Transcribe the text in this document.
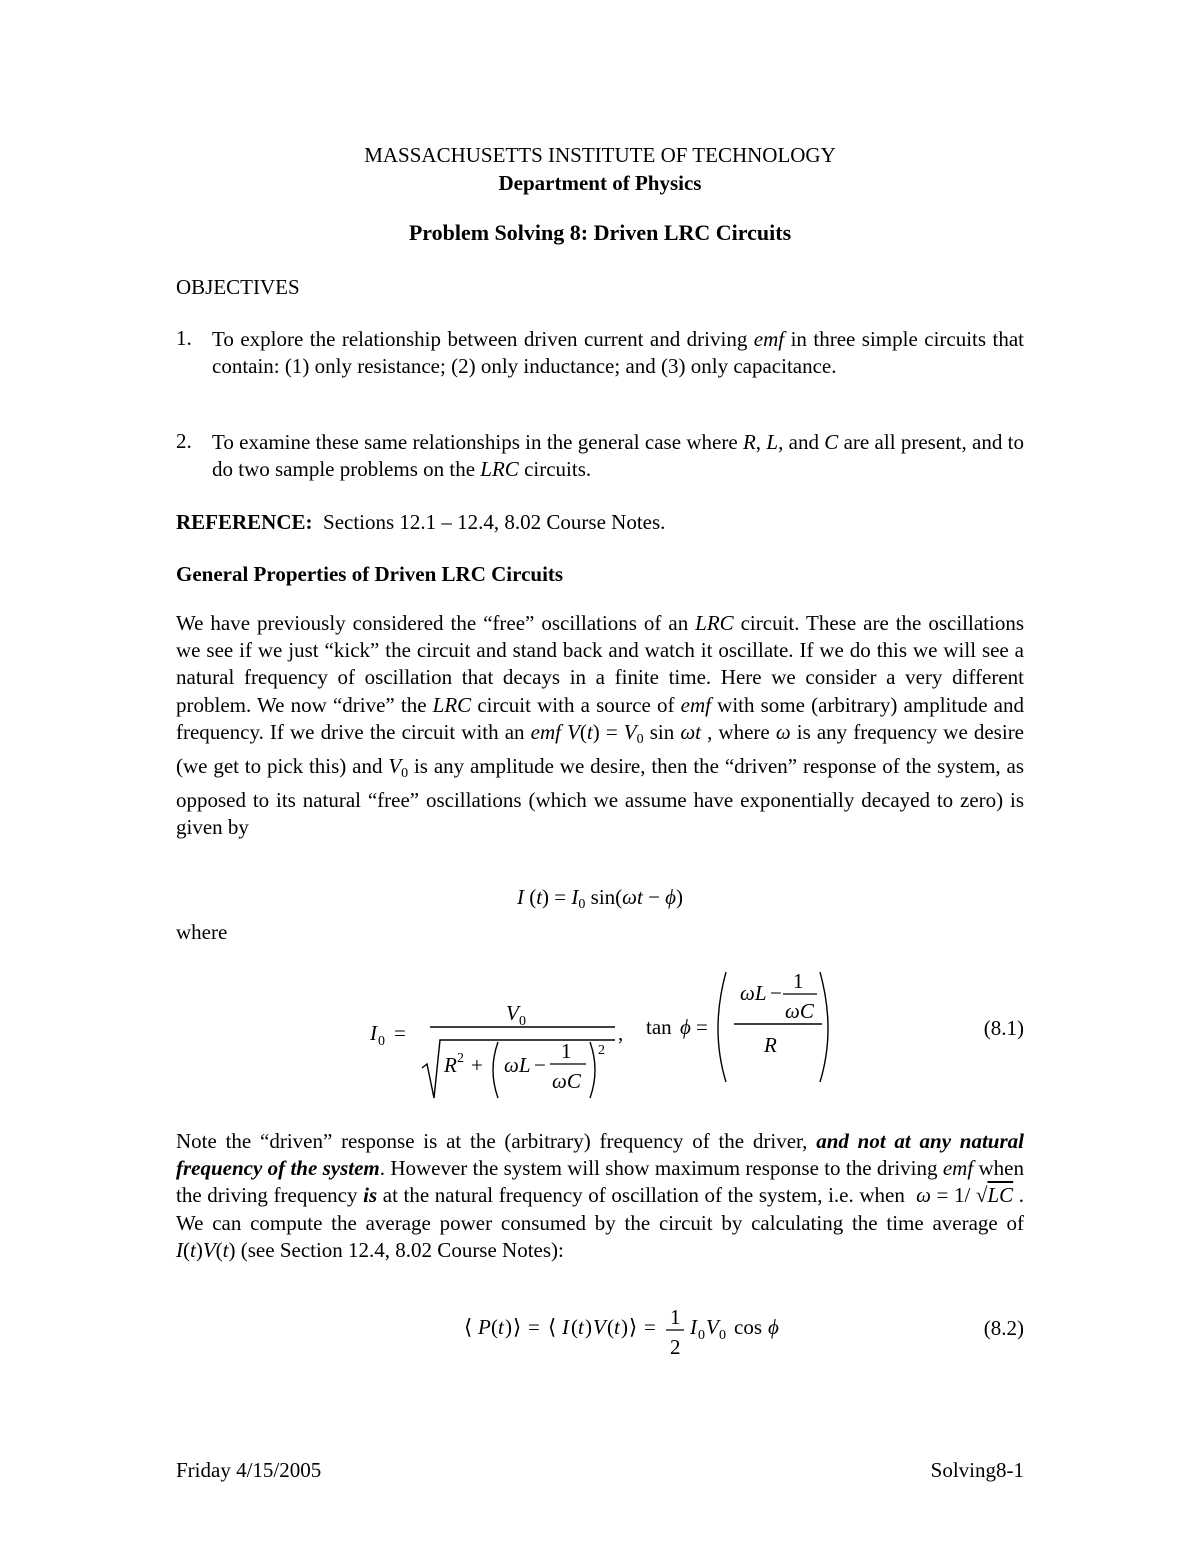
MASSACHUSETTS INSTITUTE OF TECHNOLOGY
Department of Physics
Problem Solving 8: Driven LRC Circuits
OBJECTIVES
1. To explore the relationship between driven current and driving emf in three simple circuits that contain: (1) only resistance; (2) only inductance; and (3) only capacitance.
2. To examine these same relationships in the general case where R, L, and C are all present, and to do two sample problems on the LRC circuits.
REFERENCE:  Sections 12.1 – 12.4, 8.02 Course Notes.
General Properties of Driven LRC Circuits
We have previously considered the “free” oscillations of an LRC circuit. These are the oscillations we see if we just “kick” the circuit and stand back and watch it oscillate. If we do this we will see a natural frequency of oscillation that decays in a finite time. Here we consider a very different problem. We now “drive” the LRC circuit with a source of emf with some (arbitrary) amplitude and frequency. If we drive the circuit with an emf $V(t) = V_0$ sin ωt , where ω is any frequency we desire (we get to pick this) and $V_0$ is any amplitude we desire, then the “driven” response of the system, as opposed to its natural “free” oscillations (which we assume have exponentially decayed to zero) is given by
I $(t) = I_0$ sin(ωt − ϕ)
where
I 0 =
V 0
R 2 + ωL −
1
ωC
2
, tan ϕ =
ωL − 1
ωC
R
(8.1)
Note the “driven” response is at the (arbitrary) frequency of the driver, and not at any natural frequency of the system. However the system will show maximum response to the driving emf when the driving frequency is at the natural frequency of oscillation of the system, i.e. when  ω = 1/ √LC . We can compute the average power consumed by the circuit by calculating the time average of I(t)V(t) (see Section 12.4, 8.02 Course Notes):
⟨ P ( t ) ⟩ = ⟨ I ( t ) V ( t ) ⟩ = 1
2
I 0 V 0 cos ϕ	(8.2)
Friday 4/15/2005	Solving8-1
